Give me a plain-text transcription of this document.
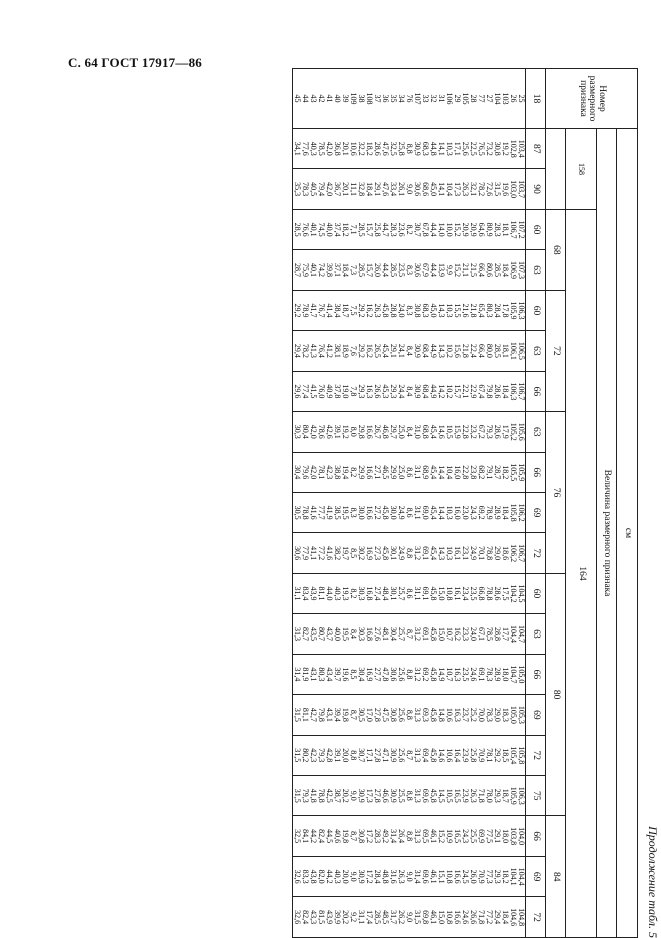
С. 64 ГОСТ 17917—86
Продолжение табл. 5
Номер размерного признака	см																			
	Величина размерного признака																			
	158		164																	
			68		72			76				80						84		
18	87	90	60	63	60	63	66	63	66	69	72	60	63	66	69	72	75	66	69	72
25	103,4	103,7	107,2	107,3	106,3	106,5	106,7	105,6	105,9	106,2	106,7	104,5	104,7	105,0	105,3	105,8	106,3	104,0	104,4	104,8
26	102,8	103,0	106,7	106,9	105,9	106,1	106,3	105,2	105,5	105,8	106,2	104,2	104,4	104,7	105,0	105,4	105,9	103,8	104,1	104,6
103	19,2	19,6	18,1	18,4	17,8	18,1	18,4	17,9	18,2	18,4	18,6	17,5	17,7	18,0	18,3	18,5	18,7	18,0	18,2	18,4
104	30,8	31,5	28,3	28,5	28,4	28,5	28,6	28,6	28,7	28,9	29,0	28,6	28,8	28,9	29,0	29,2	29,3	29,1	29,3	29,4
27	73,2	72,6	80,9	80,6	80,3	80,0	79,8	79,3	79,1	78,9	78,8	78,8	78,5	78,3	78,3	78,1	78,0	77,5	77,3	77,2
77	76,5	78,2	64,6	66,4	65,4	66,4	67,4	67,2	68,2	69,2	70,1	66,8	67,1	69,1	70,0	70,9	71,8	69,9	70,9	71,8
28	22,5	32,1	20,9	21,5	21,8	22,4	22,9	23,2	23,8	24,3	24,9	23,5	24,0	24,6	25,2	25,8	26,3	25,5	26,0	26,6
105	25,6	26,3	20,9	21,1	21,6	21,8	22,1	22,8	22,8	23,0	23,1	23,4	23,3	23,5	23,7	23,9	23,9	24,3	24,5	24,6
29	17,1	17,3	15,2	15,2	15,5	15,6	15,7	15,9	16,0	16,0	16,1	16,1	16,2	16,3	16,3	16,4	16,5	16,5	16,6	16,6
106	10,3	10,4	10,0	9,9	10,3	10,2	10,2	10,5	10,4	10,3	10,3	10,8	10,7	10,7	10,6	10,6	10,5	10,9	10,8	10,8
31	14,1	14,1	14,0	13,9	14,3	14,3	14,2	14,6	14,4	14,4	14,3	15,0	15,0	14,9	14,8	14,6	14,5	15,2	15,1	15,0
32	44,8	45,0	44,4	44,4	45,0	44,9	44,9	45,4	45,4	45,4	45,4	45,8	45,8	45,8	45,8	45,8	45,8	46,1	46,1	46,1
33	68,3	68,6	67,8	67,9	68,3	68,4	68,4	68,8	68,9	69,0	69,1	69,1	69,1	69,2	69,3	69,4	69,6	69,5	69,6	69,8
107	30,9	30,6	30,7	30,6	30,8	30,9	30,9	31,0	31,1	31,1	31,2	31,1	31,2	31,2	31,3	31,3	31,3	31,3	31,4	31,5
76	8,8	9,0	8,2	8,3	8,3	8,4	8,4	8,4	8,6	8,6	8,8	8,6	8,7	8,8	8,8	8,7	8,8	8,8	9,0	9,0
34	25,8	26,1	23,6	23,5	24,0	24,1	24,4	25,0	25,0	24,9	24,9	25,7	25,7	25,6	25,6	25,6	25,5	26,4	26,3	26,2
35	32,5	33,4	28,3	28,5	28,8	29,1	29,3	29,7	29,9	30,0	30,1	30,1	30,4	30,6	30,8	30,9	30,9	31,4	31,6	31,7
36	47,6	47,6	44,7	44,4	45,8	45,4	45,3	46,8	46,5	45,8	45,8	48,4	48,1	47,8	47,5	47,1	46,6	49,2	48,8	48,5
37	28,6	29,1	25,8	26,0	26,3	26,5	26,6	26,7	27,1	27,2	27,3	27,4	27,6	27,7	27,8	27,8	27,8	28,3	28,4	28,5
108	18,2	18,4	15,7	15,7	16,2	16,2	16,3	16,6	16,6	16,6	16,9	16,8	16,8	16,9	17,0	17,1	17,3	17,2	17,2	17,4
38	32,2	32,8	28,5	28,5	29,2	29,2	29,3	29,8	29,9	30,0	30,2	30,3	30,3	30,4	30,5	30,7	30,9	30,8	30,9	31,1
109	10,6	11,1	7,1	7,3	7,5	7,6	7,8	8,0	8,2	8,3	8,5	8,2	8,4	8,5	8,7	8,8	9,0	8,7	9,0	9,2
39	20,1	20,1	18,2	18,4	18,7	18,9	19,0	19,2	19,4	19,5	19,7	19,3	19,5	19,6	19,8	20,0	20,2	19,8	20,0	20,2
40	36,8	36,7	37,4	37,1	38,4	38,1	37,8	39,1	38,8	38,5	38,2	40,3	40,0	39,7	39,4	39,1	38,7	40,6	40,3	39,9
41	42,0	42,0	40,0	39,8	41,4	41,2	40,9	42,6	42,3	41,9	41,6	44,0	43,7	43,4	43,1	42,8	42,5	44,5	44,2	43,9
42	78,5	79,4	74,5	74,2	76,7	76,4	76,0	78,6	78,1	77,7	77,2	81,1	80,7	80,3	79,8	79,3	78,8	82,4	82,0	81,5
43	40,3	40,5	40,1	40,1	41,7	41,3	41,5	42,0	42,0	41,6	41,1	43,9	43,5	43,1	42,7	42,3	41,8	44,2	43,8	43,3
44	77,6	78,3	76,6	75,9	78,9	78,2	77,4	80,4	79,6	78,8	77,9	83,4	82,7	81,9	81,1	80,2	79,3	84,1	83,3	82,4
45	34,1	35,3	28,5	28,7	29,2	29,4	29,6	30,3	30,4	30,5	30,6	31,1	31,3	31,4	31,5	31,5	31,5	32,5	32,6	32,6
